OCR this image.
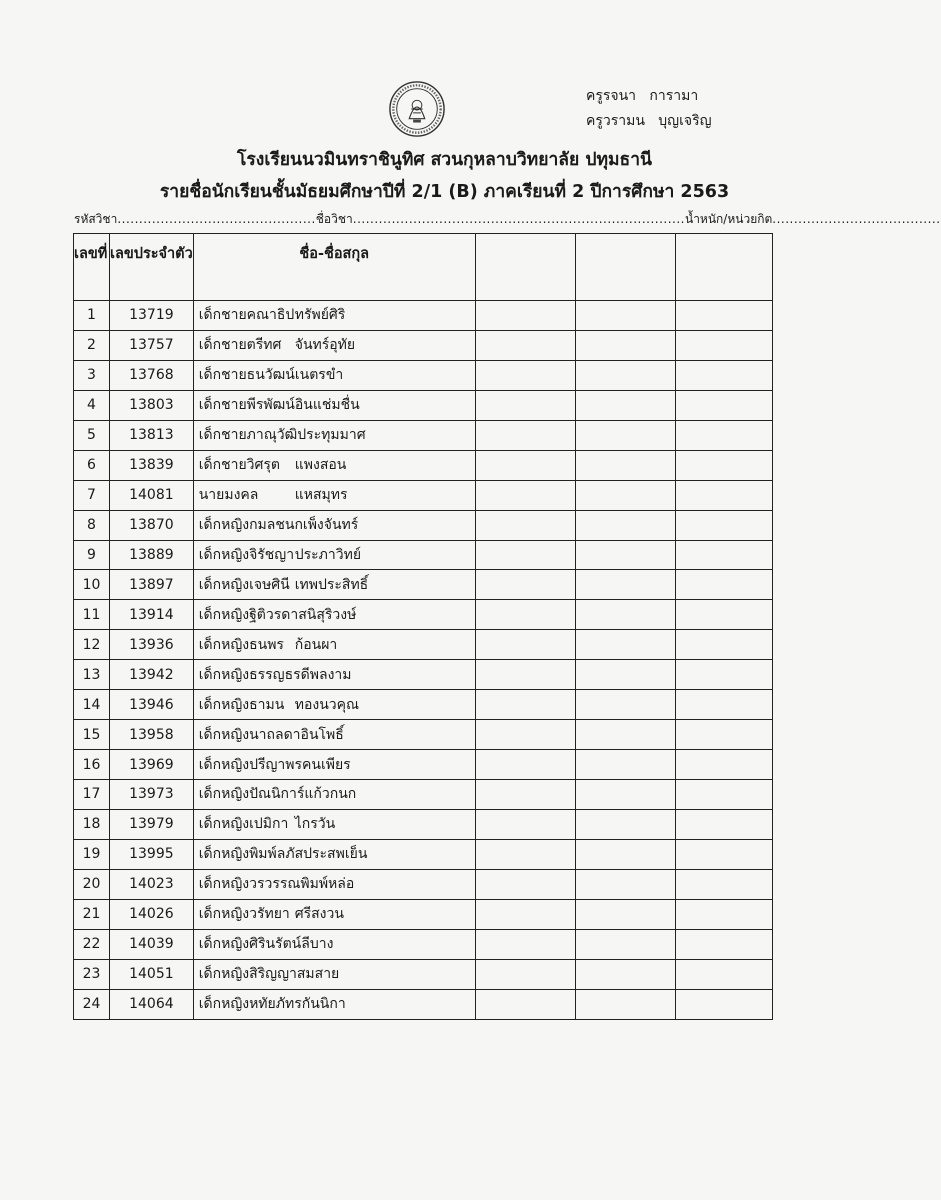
ครูรจนา การามา
ครูวรามน บุญเจริญ
โรงเรียนนวมินทราชินูทิศ สวนกุหลาบวิทยาลัย ปทุมธานี
รายชื่อนักเรียนชั้นมัธยมศึกษาปีที่ 2/1 (B) ภาคเรียนที่ 2 ปีการศึกษา 2563
รหัสวิชา..............................................ชื่อวิชา.............................................................................น้ำหนัก/หน่วยกิต.......................................
เลขที่	เลขประจำตัว	ชื่อ-ชื่อสกุล			
1	13719	เด็กชายคณาธิปทรัพย์ศิริ			
2	13757	เด็กชายตรีทศ จันทร์อุทัย			
3	13768	เด็กชายธนวัฒน์เนตรขำ			
4	13803	เด็กชายพีรพัฒน์อินแช่มชื่น			
5	13813	เด็กชายภาณุวัฒิประทุมมาศ			
6	13839	เด็กชายวิศรุต แพงสอน			
7	14081	นายมงคล แหสมุทร			
8	13870	เด็กหญิงกมลชนกเพ็งจันทร์			
9	13889	เด็กหญิงจิรัชญาประภาวิทย์			
10	13897	เด็กหญิงเจษศินี เทพประสิทธิ์			
11	13914	เด็กหญิงฐิติวรดาสนิสุริวงษ์			
12	13936	เด็กหญิงธนพร ก้อนผา			
13	13942	เด็กหญิงธรรญธรดีพลงาม			
14	13946	เด็กหญิงธามน ทองนวคุณ			
15	13958	เด็กหญิงนาถลดาอินโพธิ์			
16	13969	เด็กหญิงปรีญาพรคนเพียร			
17	13973	เด็กหญิงปัณนิการ์แก้วกนก			
18	13979	เด็กหญิงเปมิกา ไกรวัน			
19	13995	เด็กหญิงพิมพ์ลภัสประสพเย็น			
20	14023	เด็กหญิงวรวรรณพิมพ์หล่อ			
21	14026	เด็กหญิงวรัทยา ศรีสงวน			
22	14039	เด็กหญิงศิรินรัตน์ลีบาง			
23	14051	เด็กหญิงสิริญญาสมสาย			
24	14064	เด็กหญิงหทัยภัทรกันนิกา			
